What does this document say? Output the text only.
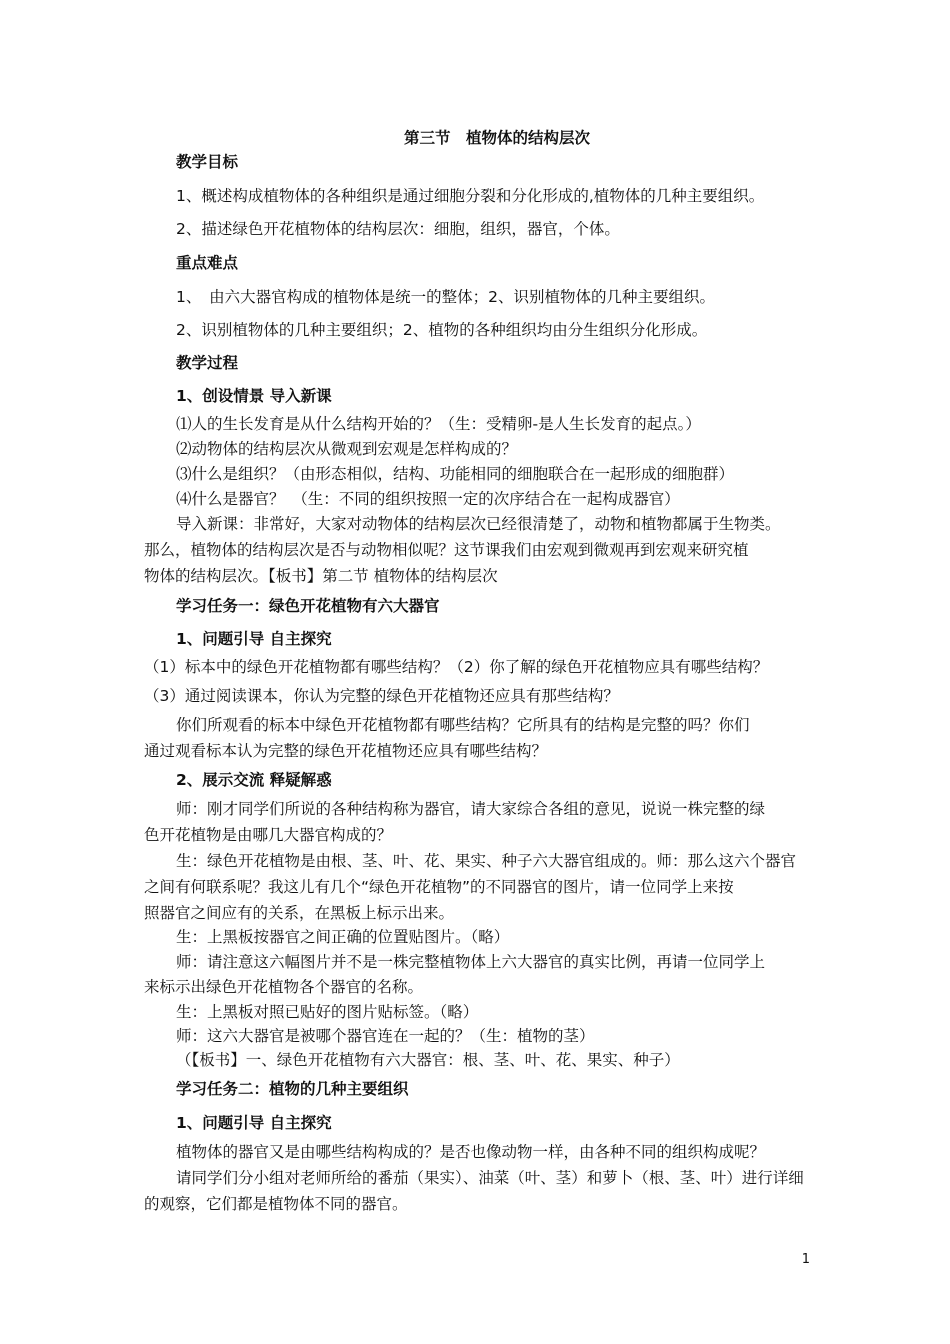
第三节　植物体的结构层次
教学目标
1、概述构成植物体的各种组织是通过细胞分裂和分化形成的,植物体的几种主要组织。
2、描述绿色开花植物体的结构层次：细胞，组织，器官，个体。
重点难点
1、　由六大器官构成的植物体是统一的整体；2、识别植物体的几种主要组织。
2、识别植物体的几种主要组织；2、植物的各种组织均由分生组织分化形成。
教学过程
1、创设情景 导入新课
⑴人的生长发育是从什么结构开始的？（生：受精卵-是人生长发育的起点。）
⑵动物体的结构层次从微观到宏观是怎样构成的？
⑶什么是组织？（由形态相似，结构、功能相同的细胞联合在一起形成的细胞群）
⑷什么是器官？　（生：不同的组织按照一定的次序结合在一起构成器官）
导入新课：非常好，大家对动物体的结构层次已经很清楚了，动物和植物都属于生物类。
那么，植物体的结构层次是否与动物相似呢？这节课我们由宏观到微观再到宏观来研究植
物体的结构层次。【板书】第二节 植物体的结构层次
学习任务一：绿色开花植物有六大器官
1、问题引导 自主探究
（1）标本中的绿色开花植物都有哪些结构？（2）你了解的绿色开花植物应具有哪些结构？
（3）通过阅读课本，你认为完整的绿色开花植物还应具有那些结构？
你们所观看的标本中绿色开花植物都有哪些结构？它所具有的结构是完整的吗？你们
通过观看标本认为完整的绿色开花植物还应具有哪些结构？
2、展示交流 释疑解惑
师：刚才同学们所说的各种结构称为器官，请大家综合各组的意见，说说一株完整的绿
色开花植物是由哪几大器官构成的？
生：绿色开花植物是由根、茎、叶、花、果实、种子六大器官组成的。师：那么这六个器官
之间有何联系呢？我这儿有几个“绿色开花植物”的不同器官的图片，请一位同学上来按
照器官之间应有的关系，在黑板上标示出来。
生：上黑板按器官之间正确的位置贴图片。（略）
师：请注意这六幅图片并不是一株完整植物体上六大器官的真实比例，再请一位同学上
来标示出绿色开花植物各个器官的名称。
生：上黑板对照已贴好的图片贴标签。（略）
师：这六大器官是被哪个器官连在一起的？（生：植物的茎）
（【板书】一、绿色开花植物有六大器官：根、茎、叶、花、果实、种子）
学习任务二：植物的几种主要组织
1、问题引导 自主探究
植物体的器官又是由哪些结构构成的？是否也像动物一样，由各种不同的组织构成呢？
请同学们分小组对老师所给的番茄（果实）、油菜（叶、茎）和萝卜（根、茎、叶）进行详细
的观察，它们都是植物体不同的器官。
1
